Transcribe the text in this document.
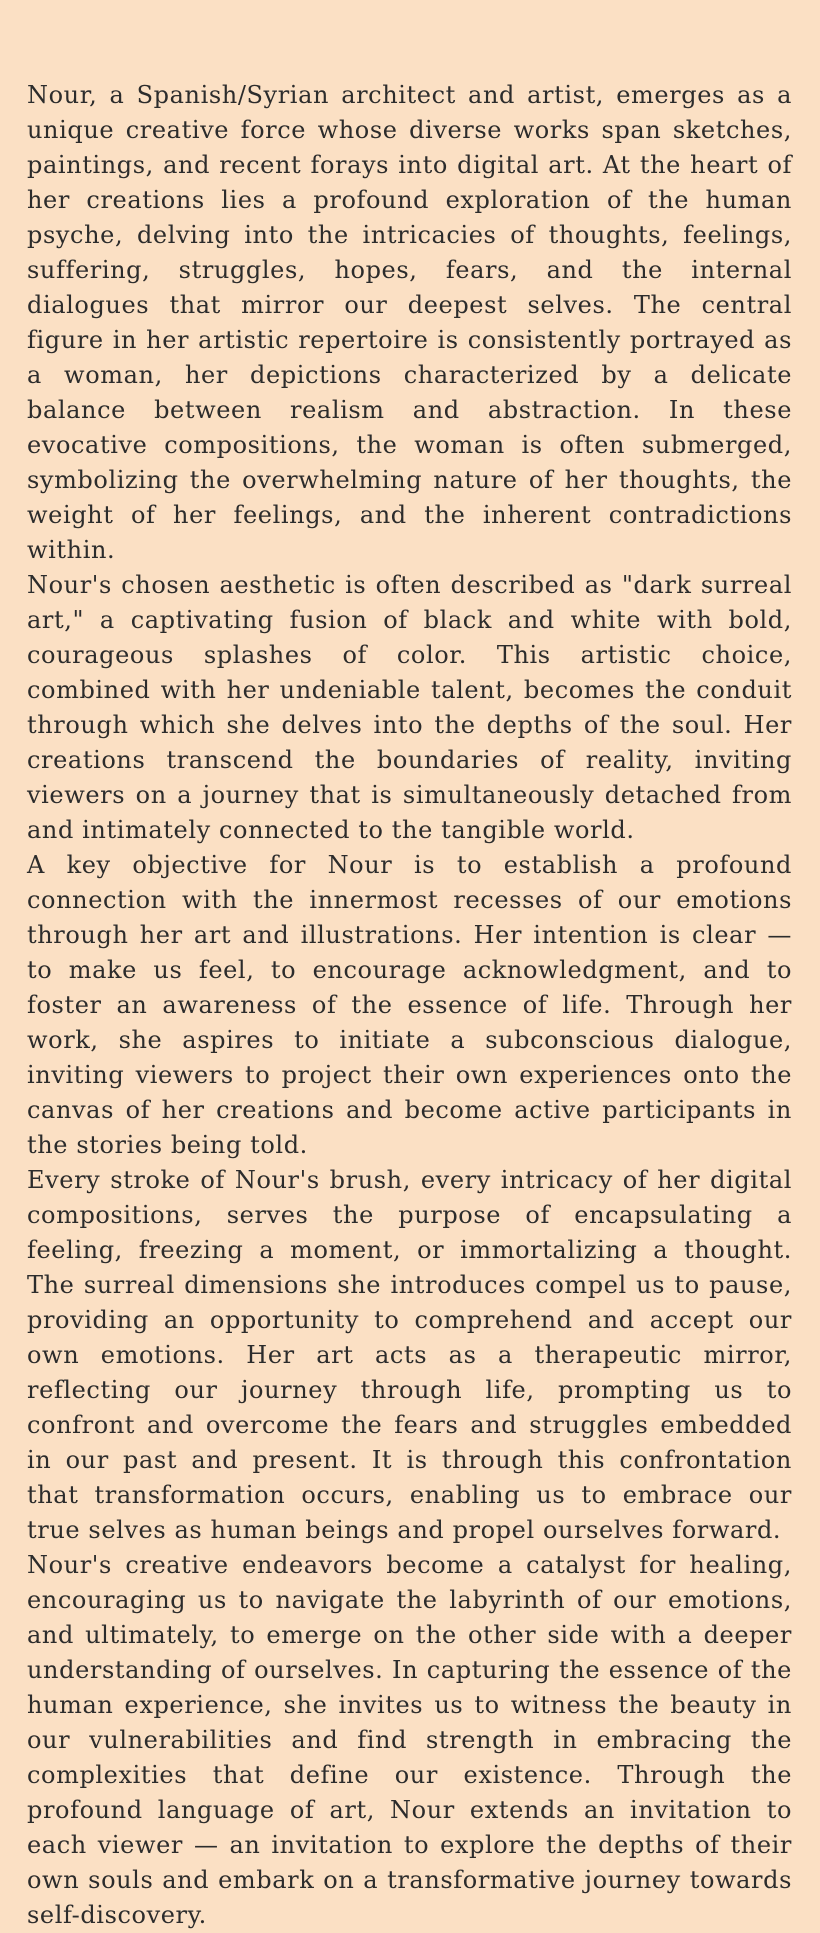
Nour, a Spanish/Syrian architect and artist, emerges as a unique creative force whose diverse works span sketches, paintings, and recent forays into digital art. At the heart of her creations lies a profound exploration of the human psyche, delving into the intricacies of thoughts, feelings, suffering, struggles, hopes, fears, and the internal dialogues that mirror our deepest selves. The central figure in her artistic repertoire is consistently portrayed as a woman, her depictions characterized by a delicate balance between realism and abstraction. In these evocative compositions, the woman is often submerged, symbolizing the overwhelming nature of her thoughts, the weight of her feelings, and the inherent contradictions within.

Nour's chosen aesthetic is often described as "dark surreal art," a captivating fusion of black and white with bold, courageous splashes of color. This artistic choice, combined with her undeniable talent, becomes the conduit through which she delves into the depths of the soul. Her creations transcend the boundaries of reality, inviting viewers on a journey that is simultaneously detached from and intimately connected to the tangible world.

A key objective for Nour is to establish a profound connection with the innermost recesses of our emotions through her art and illustrations. Her intention is clear — to make us feel, to encourage acknowledgment, and to foster an awareness of the essence of life. Through her work, she aspires to initiate a subconscious dialogue, inviting viewers to project their own experiences onto the canvas of her creations and become active participants in the stories being told.

Every stroke of Nour's brush, every intricacy of her digital compositions, serves the purpose of encapsulating a feeling, freezing a moment, or immortalizing a thought. The surreal dimensions she introduces compel us to pause, providing an opportunity to comprehend and accept our own emotions. Her art acts as a therapeutic mirror, reflecting our journey through life, prompting us to confront and overcome the fears and struggles embedded in our past and present. It is through this confrontation that transformation occurs, enabling us to embrace our true selves as human beings and propel ourselves forward.

Nour's creative endeavors become a catalyst for healing, encouraging us to navigate the labyrinth of our emotions, and ultimately, to emerge on the other side with a deeper understanding of ourselves. In capturing the essence of the human experience, she invites us to witness the beauty in our vulnerabilities and find strength in embracing the complexities that define our existence. Through the profound language of art, Nour extends an invitation to each viewer — an invitation to explore the depths of their own souls and embark on a transformative journey towards self-discovery.
